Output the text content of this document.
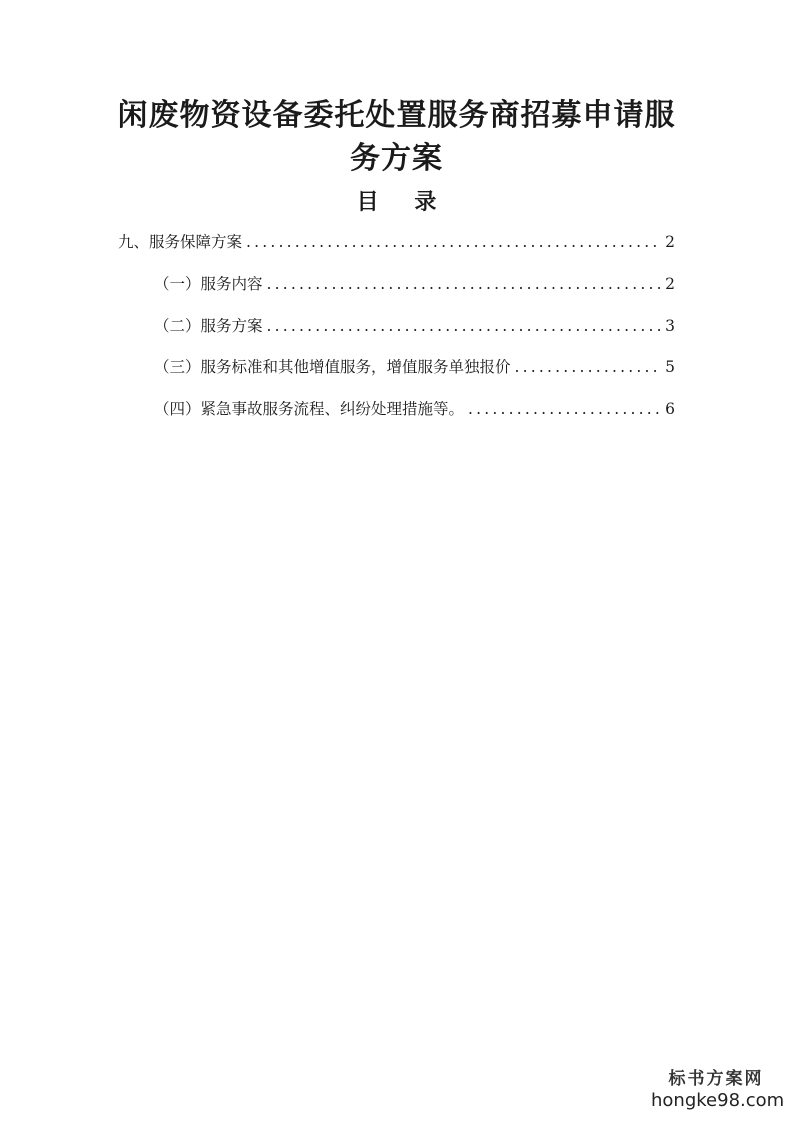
闲废物资设备委托处置服务商招募申请服
务方案
目 录
九、服务保障方案 .....	2
（一）服务内容 .....	2
（二）服务方案 .....	3
（三）服务标准和其他增值服务，增值服务单独报价 .....	5
（四）紧急事故服务流程、纠纷处理措施等。 .....	6
标书方案网
hongke98.com
